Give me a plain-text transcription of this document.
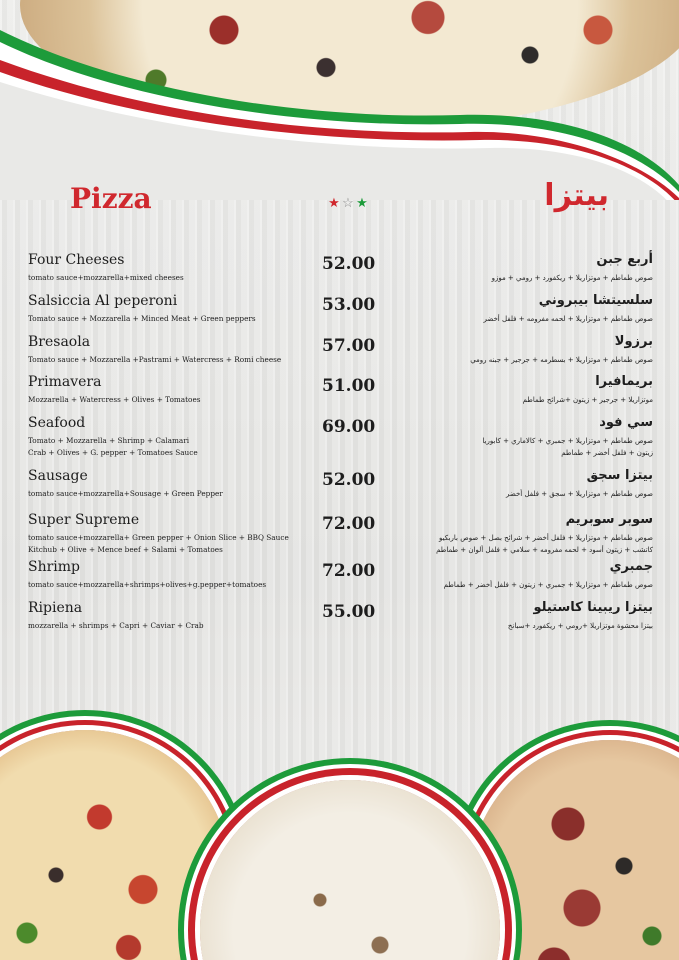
Pizza	★ ☆ ★	بيتزا
Four Cheeses
tomato sauce+mozzarella+mixed cheeses
52.00	أربع جبن
صوص طماطم + موتزاريلا + ريكفورد + رومي + موزو
Salsiccia Al peperoni
Tomato sauce + Mozzarella + Minced Meat + Green peppers
53.00	سلسيتشا بيبروني
صوص طماطم + موتزاريلا + لحمه مفرومه + فلفل أخضر
Bresaola
Tomato sauce + Mozzarella +Pastrami + Watercress + Romi cheese
57.00	برزولا
صوص طماطم + موتزاريلا + بسطرمه + جرجير + جبنه رومي
Primavera
Mozzarella + Watercress + Olives + Tomatoes
51.00	بريمافيرا
موتزاريلا + جرجير + زيتون +شرائح طماطم
Seafood
Tomato + Mozzarella + Shrimp + Calamari
Crab + Olives + G. pepper + Tomatoes Sauce
69.00	سي فود
صوص طماطم + موتزاريلا + جمبري + كالاماري + كابوريا
زيتون + فلفل أخضر + طماطم
Sausage
tomato sauce+mozzarella+Sousage + Green Pepper
52.00	بيتزا سجق
صوص طماطم + موتزاريلا + سجق + فلفل أخضر
Super Supreme
tomato sauce+mozzarella+ Green pepper + Onion Slice + BBQ Sauce
Kitchub + Olive + Mence beef + Salami + Tomatoes
72.00	سوبر سوبريم
صوص طماطم + موتزاريلا + فلفل أخضر + شرائح بصل + صوص باربكيو
كاتشب + زيتون أسود + لحمه مفرومه + سلامي + فلفل ألوان + طماطم
Shrimp
tomato sauce+mozzarella+shrimps+olives+g.pepper+tomatoes
72.00	جمبري
صوص طماطم + موتزاريلا + جمبري + زيتون + فلفل أخضر + طماطم
Ripiena
mozzarella + shrimps + Capri + Caviar + Crab
55.00	بيتزا ريبينا كاستيلو
بيتزا محشوة موتزاريلا +رومي + ريكفورد +سبانخ
